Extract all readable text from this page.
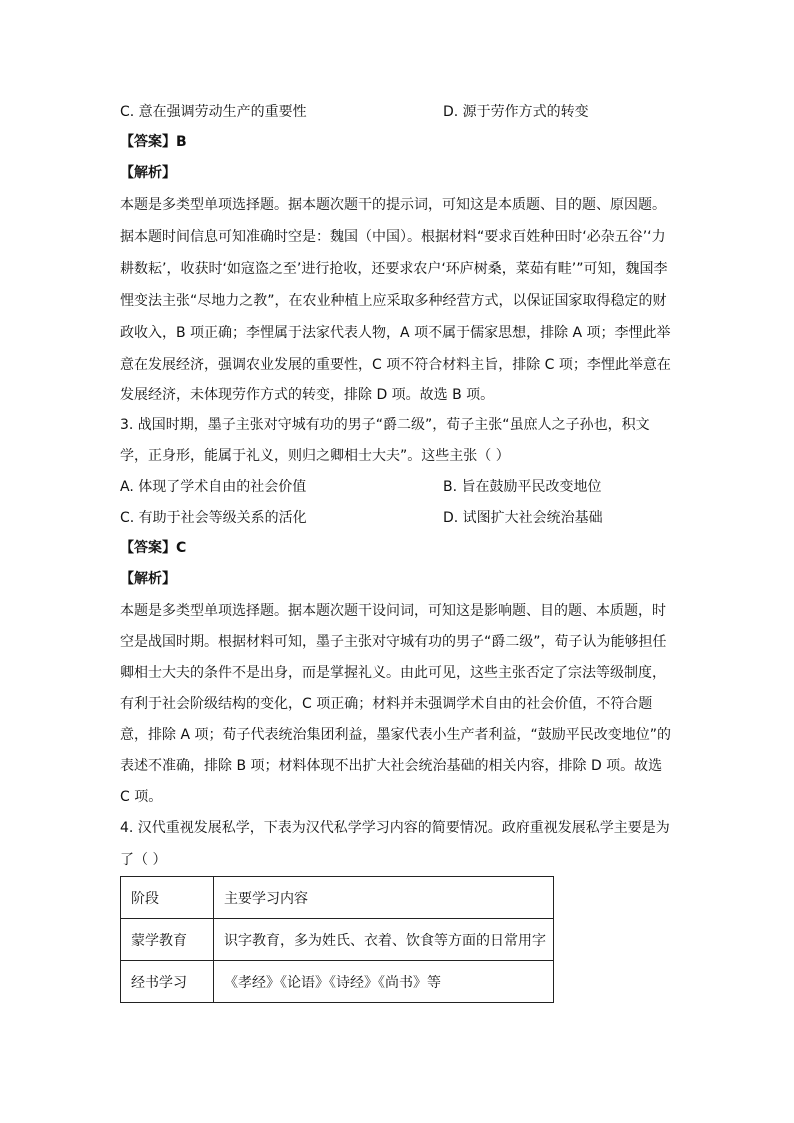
C. 意在强调劳动生产的重要性	D. 源于劳作方式的转变
【答案】B
【解析】
本题是多类型单项选择题。据本题次题干的提示词，可知这是本质题、目的题、原因题。
据本题时间信息可知准确时空是：魏国（中国）。根据材料“要求百姓种田时‘必杂五谷’‘力
耕数耘’，收获时‘如寇盗之至’进行抢收，还要求农户‘环庐树桑，菜茹有畦’”可知，魏国李
悝变法主张“尽地力之教”，在农业种植上应采取多种经营方式，以保证国家取得稳定的财
政收入，B 项正确；李悝属于法家代表人物，A 项不属于儒家思想，排除 A 项；李悝此举
意在发展经济，强调农业发展的重要性，C 项不符合材料主旨，排除 C 项；李悝此举意在
发展经济，未体现劳作方式的转变，排除 D 项。故选 B 项。
3. 战国时期，墨子主张对守城有功的男子“爵二级”，荀子主张“虽庶人之子孙也，积文
学，正身形，能属于礼义，则归之卿相士大夫”。这些主张（ ）
A. 体现了学术自由的社会价值	B. 旨在鼓励平民改变地位
C. 有助于社会等级关系的活化	D. 试图扩大社会统治基础
【答案】C
【解析】
本题是多类型单项选择题。据本题次题干设问词，可知这是影响题、目的题、本质题，时
空是战国时期。根据材料可知，墨子主张对守城有功的男子“爵二级”，荀子认为能够担任
卿相士大夫的条件不是出身，而是掌握礼义。由此可见，这些主张否定了宗法等级制度，
有利于社会阶级结构的变化，C 项正确；材料并未强调学术自由的社会价值，不符合题
意，排除 A 项；荀子代表统治集团利益，墨家代表小生产者利益，“鼓励平民改变地位”的
表述不准确，排除 B 项；材料体现不出扩大社会统治基础的相关内容，排除 D 项。故选
C 项。
4. 汉代重视发展私学，下表为汉代私学学习内容的简要情况。政府重视发展私学主要是为
了（ ）
阶段	主要学习内容
蒙学教育	识字教育，多为姓氏、衣着、饮食等方面的日常用字
经书学习	《孝经》《论语》《诗经》《尚书》等
